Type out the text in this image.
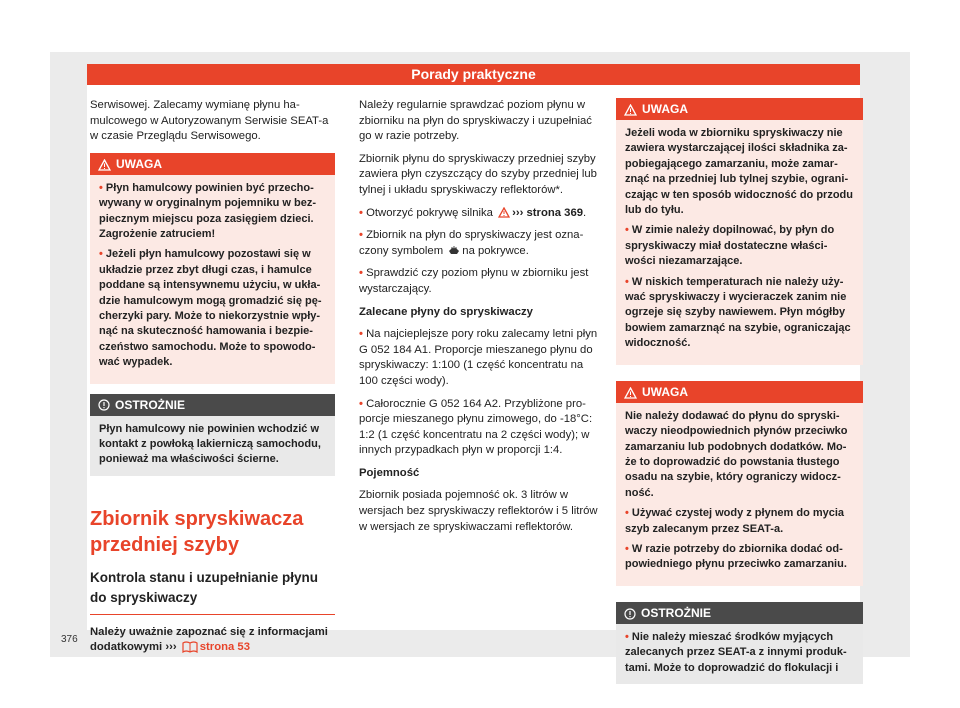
Porady praktyczne

Serwisowej. Zalecamy wymianę płynu hamulcowego w Autoryzowanym Serwisie SEAT-a w czasie Przeglądu Serwisowego.

UWAGA

• Płyn hamulcowy powinien być przechowywany w oryginalnym pojemniku w bezpiecznym miejscu poza zasięgiem dzieci. Zagrożenie zatruciem!

• Jeżeli płyn hamulcowy pozostawi się w układzie przez zbyt długi czas, i hamulce poddane są intensywnemu użyciu, w układzie hamulcowym mogą gromadzić się pęcherzyki pary. Może to niekorzystnie wpłynąć na skuteczność hamowania i bezpieczeństwo samochodu. Może to spowodować wypadek.

OSTROŻNIE
Płyn hamulcowy nie powinien wchodzić w kontakt z powłoką lakierniczą samochodu, ponieważ ma właściwości ścierne.
Zbiornik spryskiwacza przedniej szyby
Kontrola stanu i uzupełnianie płynu do spryskiwaczy

Należy uważnie zapoznać się z informacjami dodatkowymi ››› strona 53

Należy regularnie sprawdzać poziom płynu w zbiorniku na płyn do spryskiwaczy i uzupełniać go w razie potrzeby.

Zbiornik płynu do spryskiwaczy przedniej szyby zawiera płyn czyszczący do szyby przedniej lub tylnej i układu spryskiwaczy reflektorów*.

• Otworzyć pokrywę silnika ››› strona 369.

• Zbiornik na płyn do spryskiwaczy jest oznaczony symbolem na pokrywce.

• Sprawdzić czy poziom płynu w zbiorniku jest wystarczający.

Zalecane płyny do spryskiwaczy

• Na najcieplejsze pory roku zalecamy letni płyn G 052 184 A1. Proporcje mieszanego płynu do spryskiwaczy: 1:100 (1 część koncentratu na 100 części wody).

• Całorocznie G 052 164 A2. Przybliżone proporcje mieszanego płynu zimowego, do -18°C: 1:2 (1 część koncentratu na 2 części wody); w innych przypadkach płyn w proporcji 1:4.

Pojemność

Zbiornik posiada pojemność ok. 3 litrów w wersjach bez spryskiwaczy reflektorów i 5 litrów w wersjach ze spryskiwaczami reflektorów.

UWAGA

Jeżeli woda w zbiorniku spryskiwaczy nie zawiera wystarczającej ilości składnika zapobiegającego zamarzaniu, może zamarznąć na przedniej lub tylnej szybie, ograniczając w ten sposób widoczność do przodu lub do tyłu.

• W zimie należy dopilnować, by płyn do spryskiwaczy miał dostateczne właściwości niezamarzające.

• W niskich temperaturach nie należy używać spryskiwaczy i wycieraczek zanim nie ogrzeje się szyby nawiewem. Płyn mógłby bowiem zamarznąć na szybie, ograniczając widoczność.

UWAGA

Nie należy dodawać do płynu do spryskiwaczy nieodpowiednich płynów przeciwko zamarzaniu lub podobnych dodatków. Może to doprowadzić do powstania tłustego osadu na szybie, który ograniczy widoczność.

• Używać czystej wody z płynem do mycia szyb zalecanym przez SEAT-a.

• W razie potrzeby do zbiornika dodać odpowiedniego płynu przeciwko zamarzaniu.

OSTROŻNIE
• Nie należy mieszać środków myjących zalecanych przez SEAT-a z innymi produktami. Może to doprowadzić do flokulacji i
376
